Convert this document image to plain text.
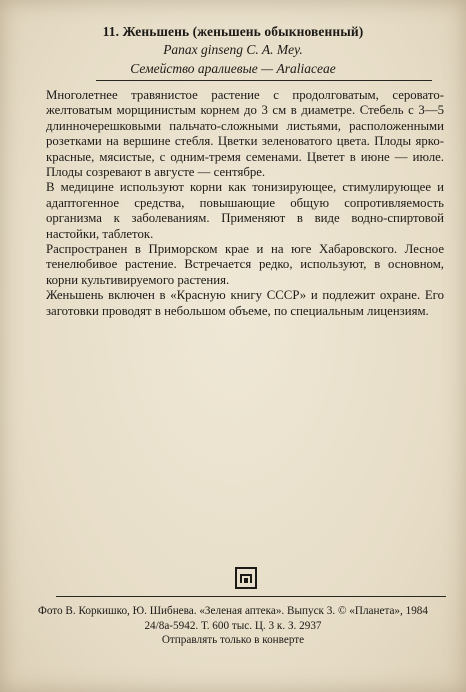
11. Женьшень (женьшень обыкновенный)
Panax ginseng C. A. Mey.
Семейство аралиевые — Araliaceae

Многолетнее травянистое растение с продолговатым, серовато-желтоватым морщинистым корнем до 3 см в диаметре. Стебель с 3—5 длинночерешковыми пальчато-сложными листьями, расположенными розетками на вершине стебля. Цветки зеленоватого цвета. Плоды ярко-красные, мясистые, с одним-тремя семенами. Цветет в июне — июле. Плоды созревают в августе — сентябре.

В медицине используют корни как тонизирующее, стимулирующее и адаптогенное средства, повышающие общую сопротивляемость организма к заболеваниям. Применяют в виде водно-спиртовой настойки, таблеток.

Распространен в Приморском крае и на юге Хабаровского. Лесное тенелюбивое растение. Встречается редко, используют, в основном, корни культивируемого растения.

Женьшень включен в «Красную книгу СССР» и подлежит охране. Его заготовки проводят в небольшом объеме, по специальным лицензиям.

Фото В. Коркишко, Ю. Шибнева. «Зеленая аптека». Выпуск 3. © «Планета», 1984
24/8а-5942. Т. 600 тыс. Ц. 3 к. З. 2937
Отправлять только в конверте
